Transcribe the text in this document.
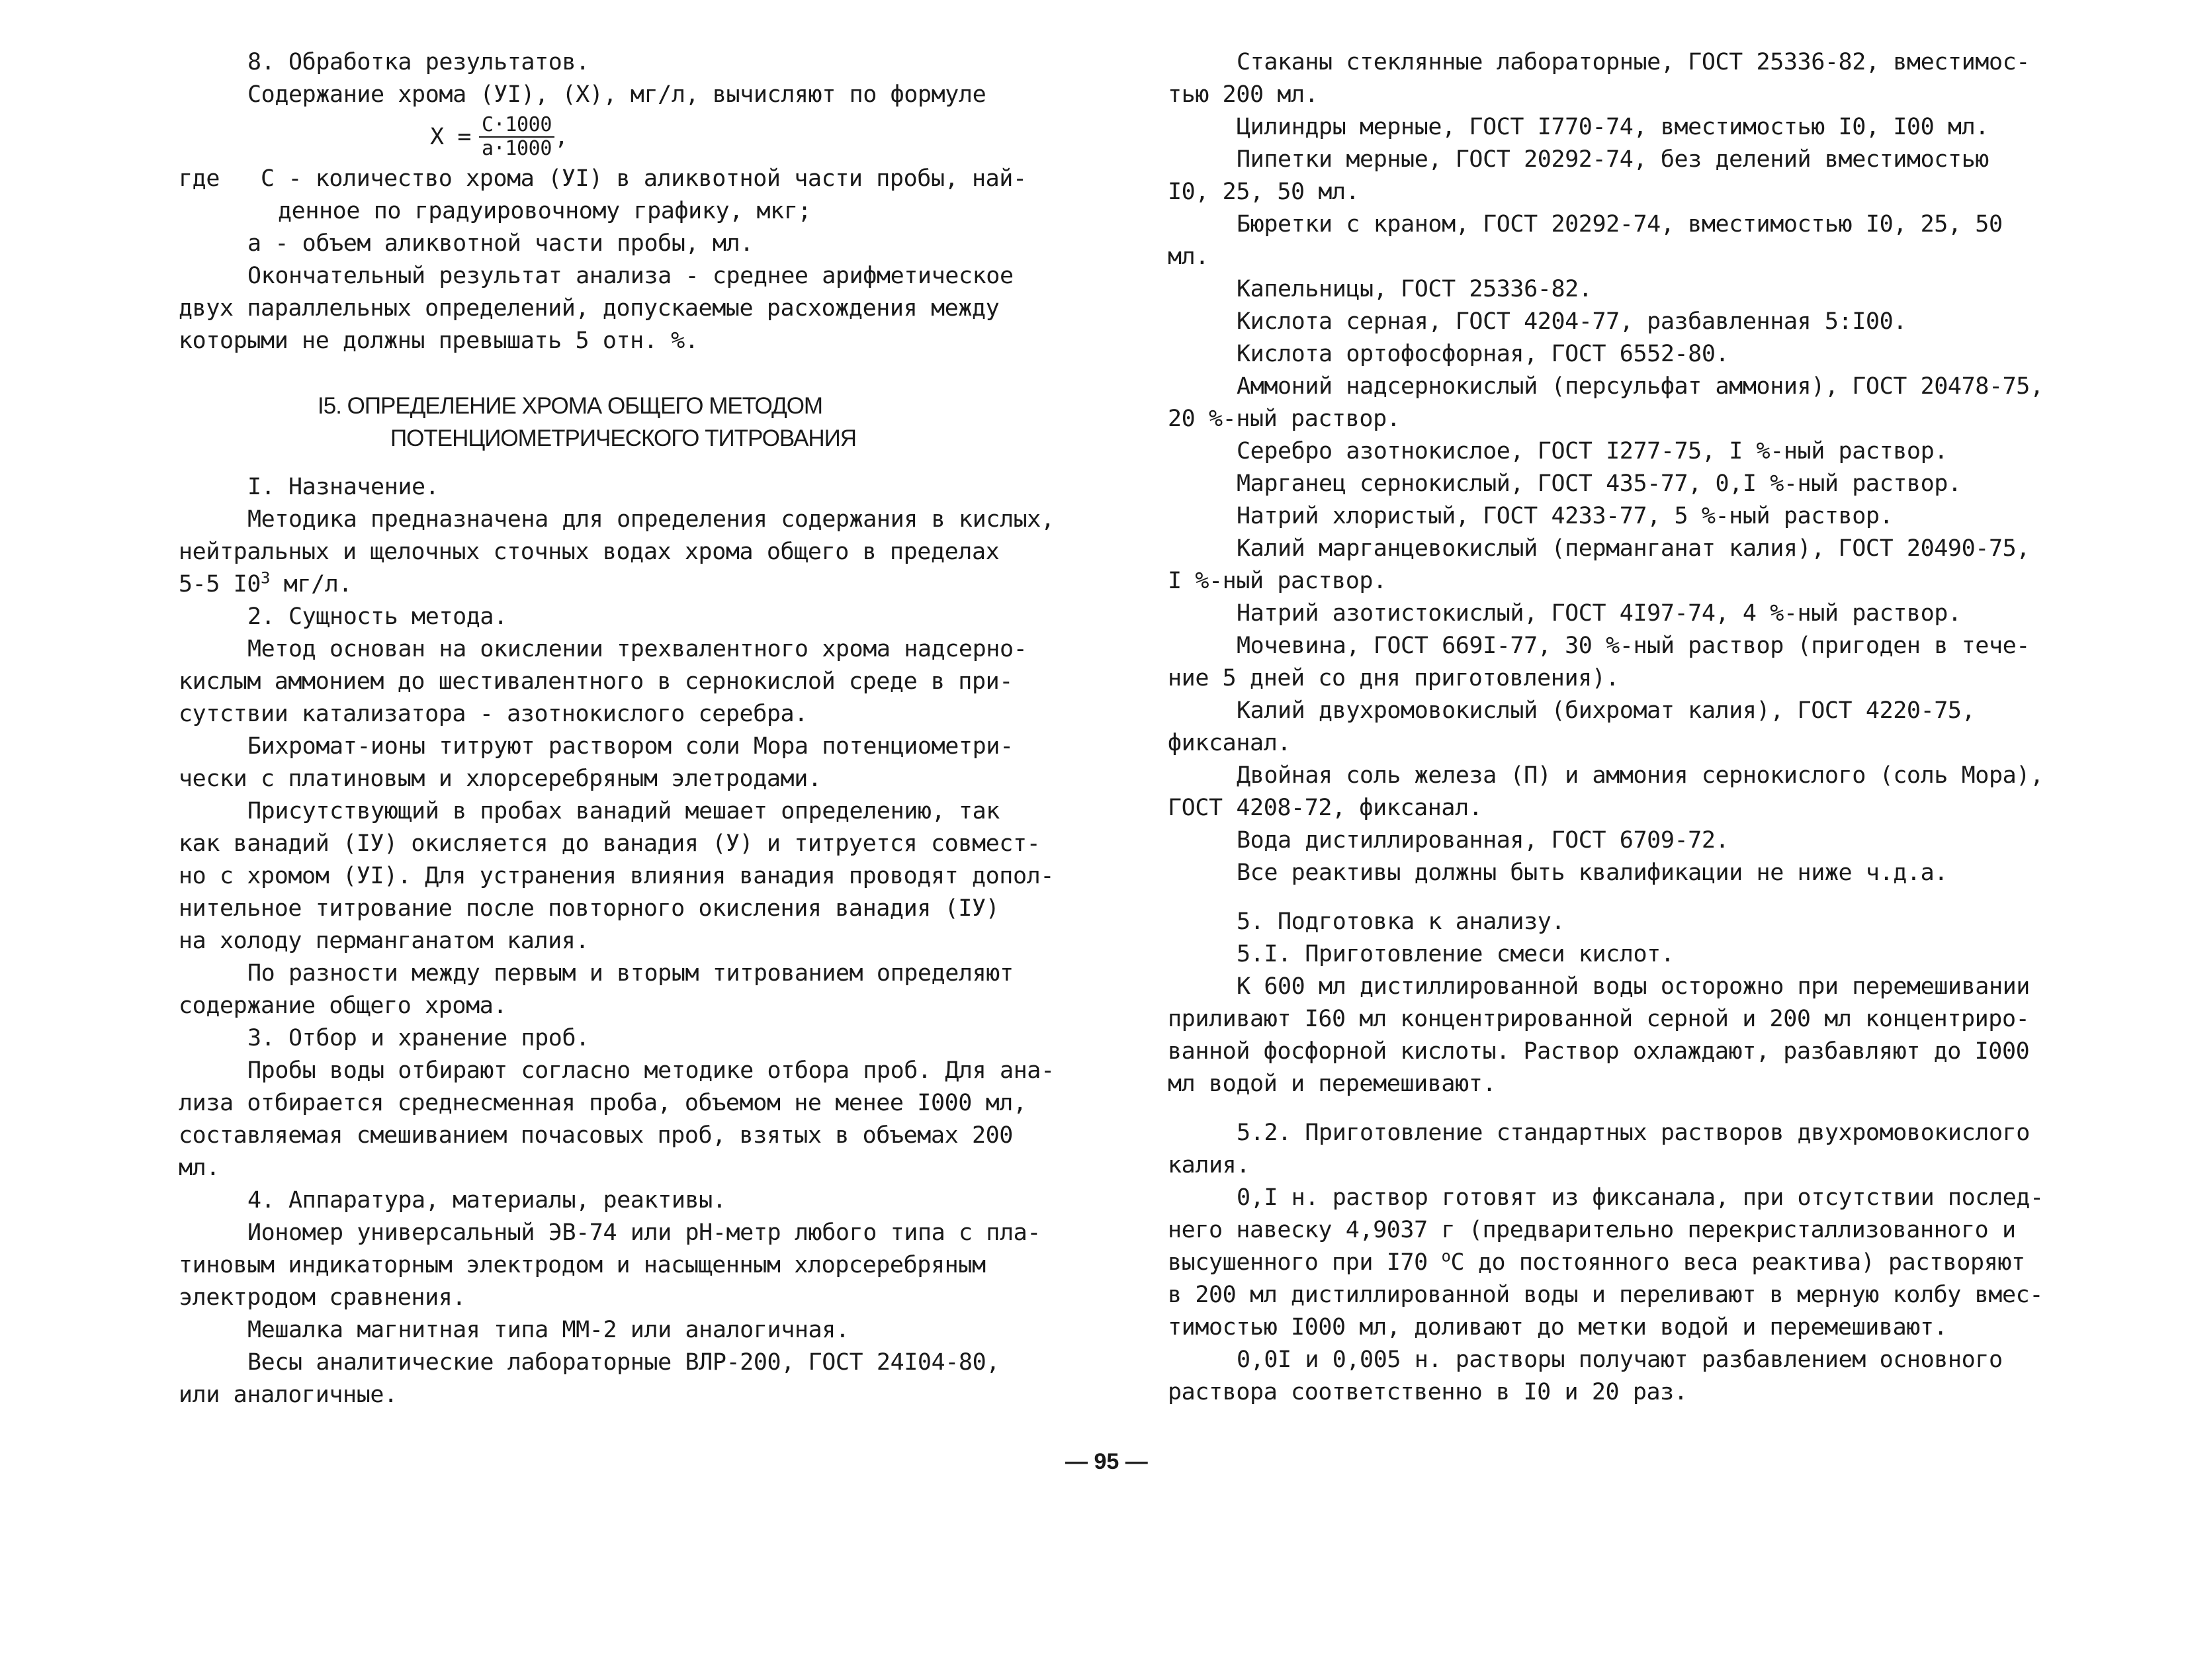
8. Обработка результатов.
Содержание хрома (УI), (Х), мг/л, вычисляют по формуле
$X = \frac{C\cdot 1000}{a\cdot 1000}$ ,
где   С - количество хрома (УI) в аликвотной части пробы, най-
денное по градуировочному графику, мкг;
а - объем аликвотной части пробы, мл.
Окончательный результат анализа - среднее арифметическое
двух параллельных определений, допускаемые расхождения между
которыми не должны превышать 5 отн. %.
I5. ОПРЕДЕЛЕНИЕ ХРОМА ОБЩЕГО МЕТОДОМ
ПОТЕНЦИОМЕТРИЧЕСКОГО ТИТРОВАНИЯ
I. Назначение.
Методика предназначена для определения содержания в кислых,
нейтральных и щелочных сточных водах хрома общего в пределах
5-5 $I0^3$ мг/л.
2. Сущность метода.
Метод основан на окислении трехвалентного хрома надсерно-
кислым аммонием до шестивалентного в сернокислой среде в при-
сутствии катализатора - азотнокислого серебра.
Бихромат-ионы титруют раствором соли Мора потенциометри-
чески с платиновым и хлорсеребряным элетродами.
Присутствующий в пробах ванадий мешает определению, так
как ванадий (IУ) окисляется до ванадия (У) и титруется совмест-
но с хромом (УI). Для устранения влияния ванадия проводят допол-
нительное титрование после повторного окисления ванадия (IУ)
на холоду перманганатом калия.
По разности между первым и вторым титрованием определяют
содержание общего хрома.
3. Отбор и хранение проб.
Пробы воды отбирают согласно методике отбора проб. Для ана-
лиза отбирается среднесменная проба, объемом не менее I000 мл,
составляемая смешиванием почасовых проб, взятых в объемах 200
мл.
4. Аппаратура, материалы, реактивы.
Иономер универсальный ЭВ-74 или pH-метр любого типа с пла-
тиновым индикаторным электродом и насыщенным хлорсеребряным
электродом сравнения.
Мешалка магнитная типа ММ-2 или аналогичная.
Весы аналитические лабораторные ВЛР-200, ГОСТ 24I04-80,
или аналогичные.
Стаканы стеклянные лабораторные, ГОСТ 25336-82, вместимос-
тью 200 мл.
Цилиндры мерные, ГОСТ I770-74, вместимостью I0, I00 мл.
Пипетки мерные, ГОСТ 20292-74, без делений вместимостью
I0, 25, 50 мл.
Бюретки с краном, ГОСТ 20292-74, вместимостью I0, 25, 50
мл.
Капельницы, ГОСТ 25336-82.
Кислота серная, ГОСТ 4204-77, разбавленная 5:I00.
Кислота ортофосфорная, ГОСТ 6552-80.
Аммоний надсернокислый (персульфат аммония), ГОСТ 20478-75,
20 %-ный раствор.
Серебро азотнокислое, ГОСТ I277-75, I %-ный раствор.
Марганец сернокислый, ГОСТ 435-77, 0,I %-ный раствор.
Натрий хлористый, ГОСТ 4233-77, 5 %-ный раствор.
Калий марганцевокислый (перманганат калия), ГОСТ 20490-75,
I %-ный раствор.
Натрий азотистокислый, ГОСТ 4I97-74, 4 %-ный раствор.
Мочевина, ГОСТ 669I-77, 30 %-ный раствор (пригоден в тече-
ние 5 дней со дня приготовления).
Калий двухромовокислый (бихромат калия), ГОСТ 4220-75,
фиксанал.
Двойная соль железа (П) и аммония сернокислого (соль Мора),
ГОСТ 4208-72, фиксанал.
Вода дистиллированная, ГОСТ 6709-72.
Все реактивы должны быть квалификации не ниже ч.д.а.
5. Подготовка к анализу.
5.I. Приготовление смеси кислот.
К 600 мл дистиллированной воды осторожно при перемешивании
приливают I60 мл концентрированной серной и 200 мл концентриро-
ванной фосфорной кислоты. Раствор охлаждают, разбавляют до I000
мл водой и перемешивают.
5.2. Приготовление стандартных растворов двухромовокислого
калия.
0,I н. раствор готовят из фиксанала, при отсутствии послед-
него навеску 4,9037 г (предварительно перекристаллизованного и
высушенного при I70 $^o$С до постоянного веса реактива) растворяют
в 200 мл дистиллированной воды и переливают в мерную колбу вмес-
тимостью I000 мл, доливают до метки водой и перемешивают.
0,0I и 0,005 н. растворы получают разбавлением основного
раствора соответственно в I0 и 20 раз.
— 95 —
